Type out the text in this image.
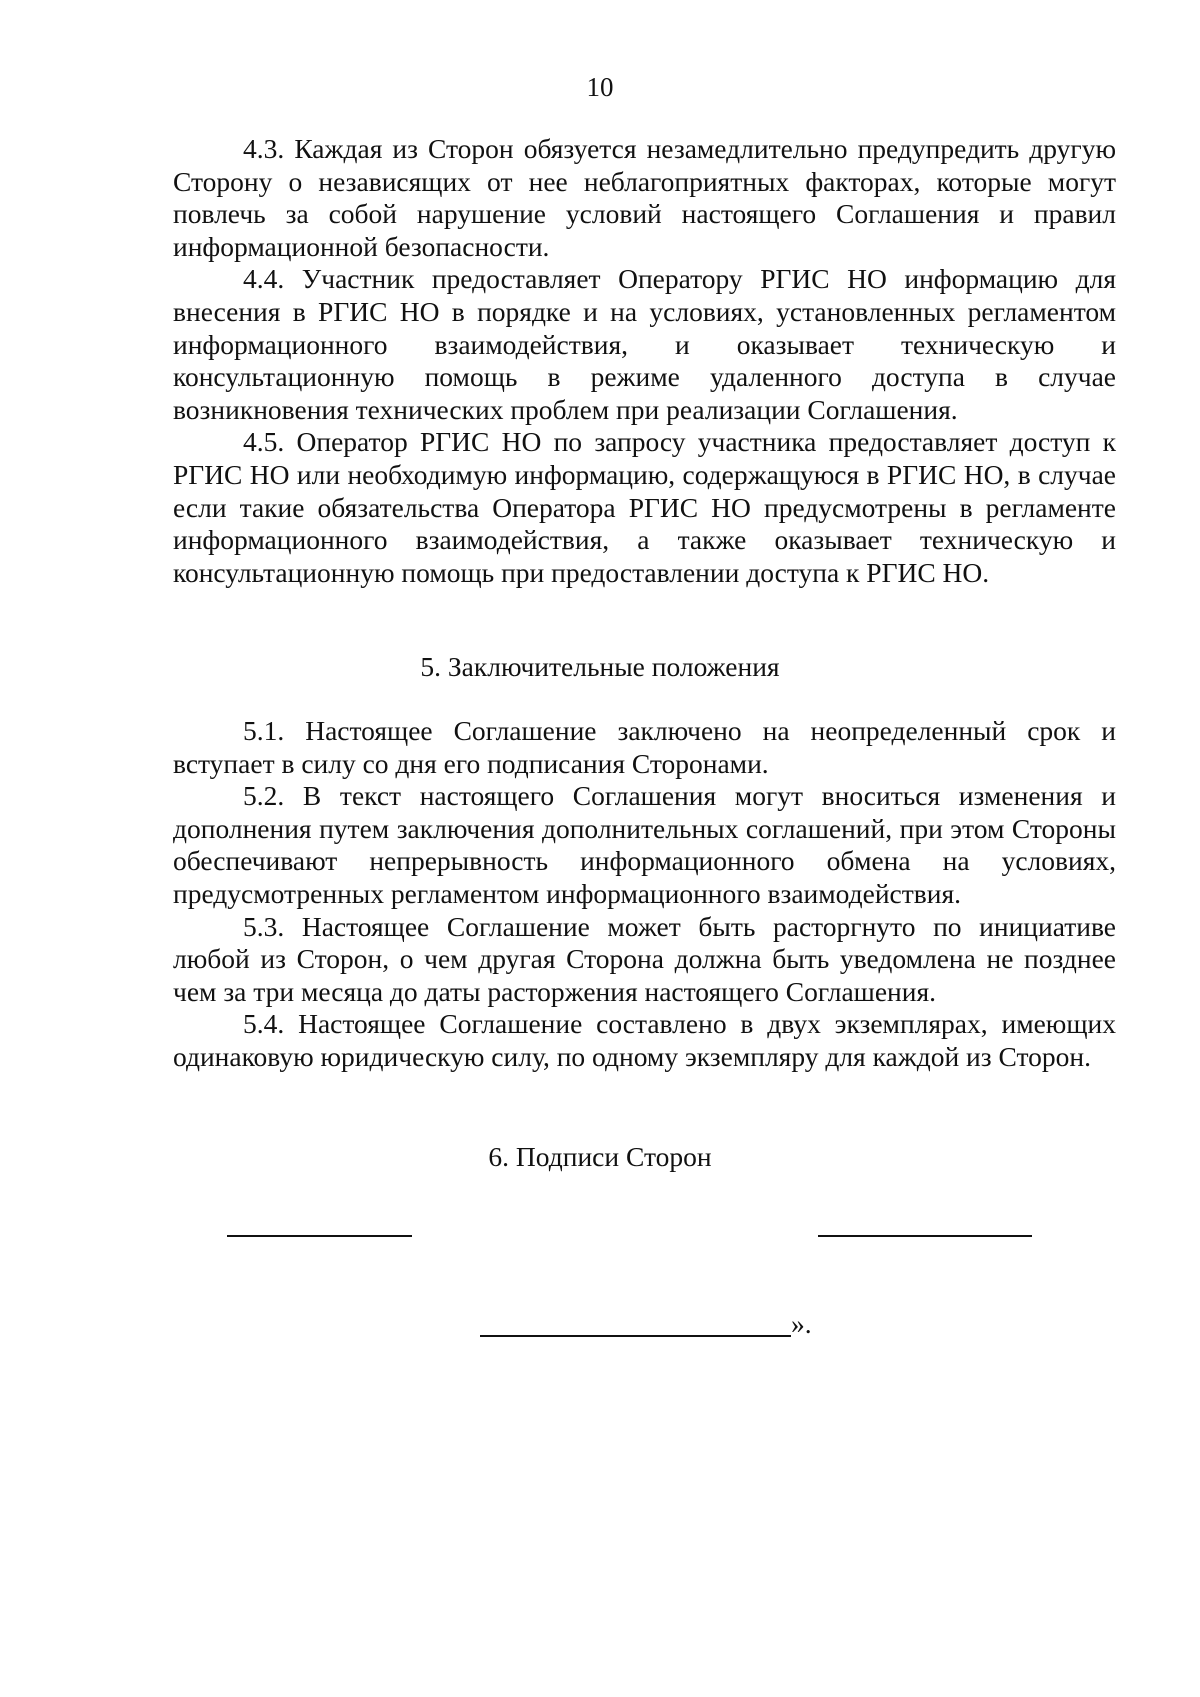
10

4.3. Каждая из Сторон обязуется незамедлительно предупредить другую Сторону о независящих от нее неблагоприятных факторах, которые могут повлечь за собой нарушение условий настоящего Соглашения и правил информационной безопасности.

4.4. Участник предоставляет Оператору РГИС НО информацию для внесения в РГИС НО в порядке и на условиях, установленных регламентом информационного взаимодействия, и оказывает техническую и консультационную помощь в режиме удаленного доступа в случае возникновения технических проблем при реализации Соглашения.

4.5. Оператор РГИС НО по запросу участника предоставляет доступ к РГИС НО или необходимую информацию, содержащуюся в РГИС НО, в случае если такие обязательства Оператора РГИС НО предусмотрены в регламенте информационного взаимодействия, а также оказывает техническую и консультационную помощь при предоставлении доступа к РГИС НО.

5. Заключительные положения

5.1. Настоящее Соглашение заключено на неопределенный срок и вступает в силу со дня его подписания Сторонами.

5.2. В текст настоящего Соглашения могут вноситься изменения и дополнения путем заключения дополнительных соглашений, при этом Стороны обеспечивают непрерывность информационного обмена на условиях, предусмотренных регламентом информационного взаимодействия.

5.3. Настоящее Соглашение может быть расторгнуто по инициативе любой из Сторон, о чем другая Сторона должна быть уведомлена не позднее чем за три месяца до даты расторжения настоящего Соглашения.

5.4. Настоящее Соглашение составлено в двух экземплярах, имеющих одинаковую юридическую силу, по одному экземпляру для каждой из Сторон.

6. Подписи Сторон
».
